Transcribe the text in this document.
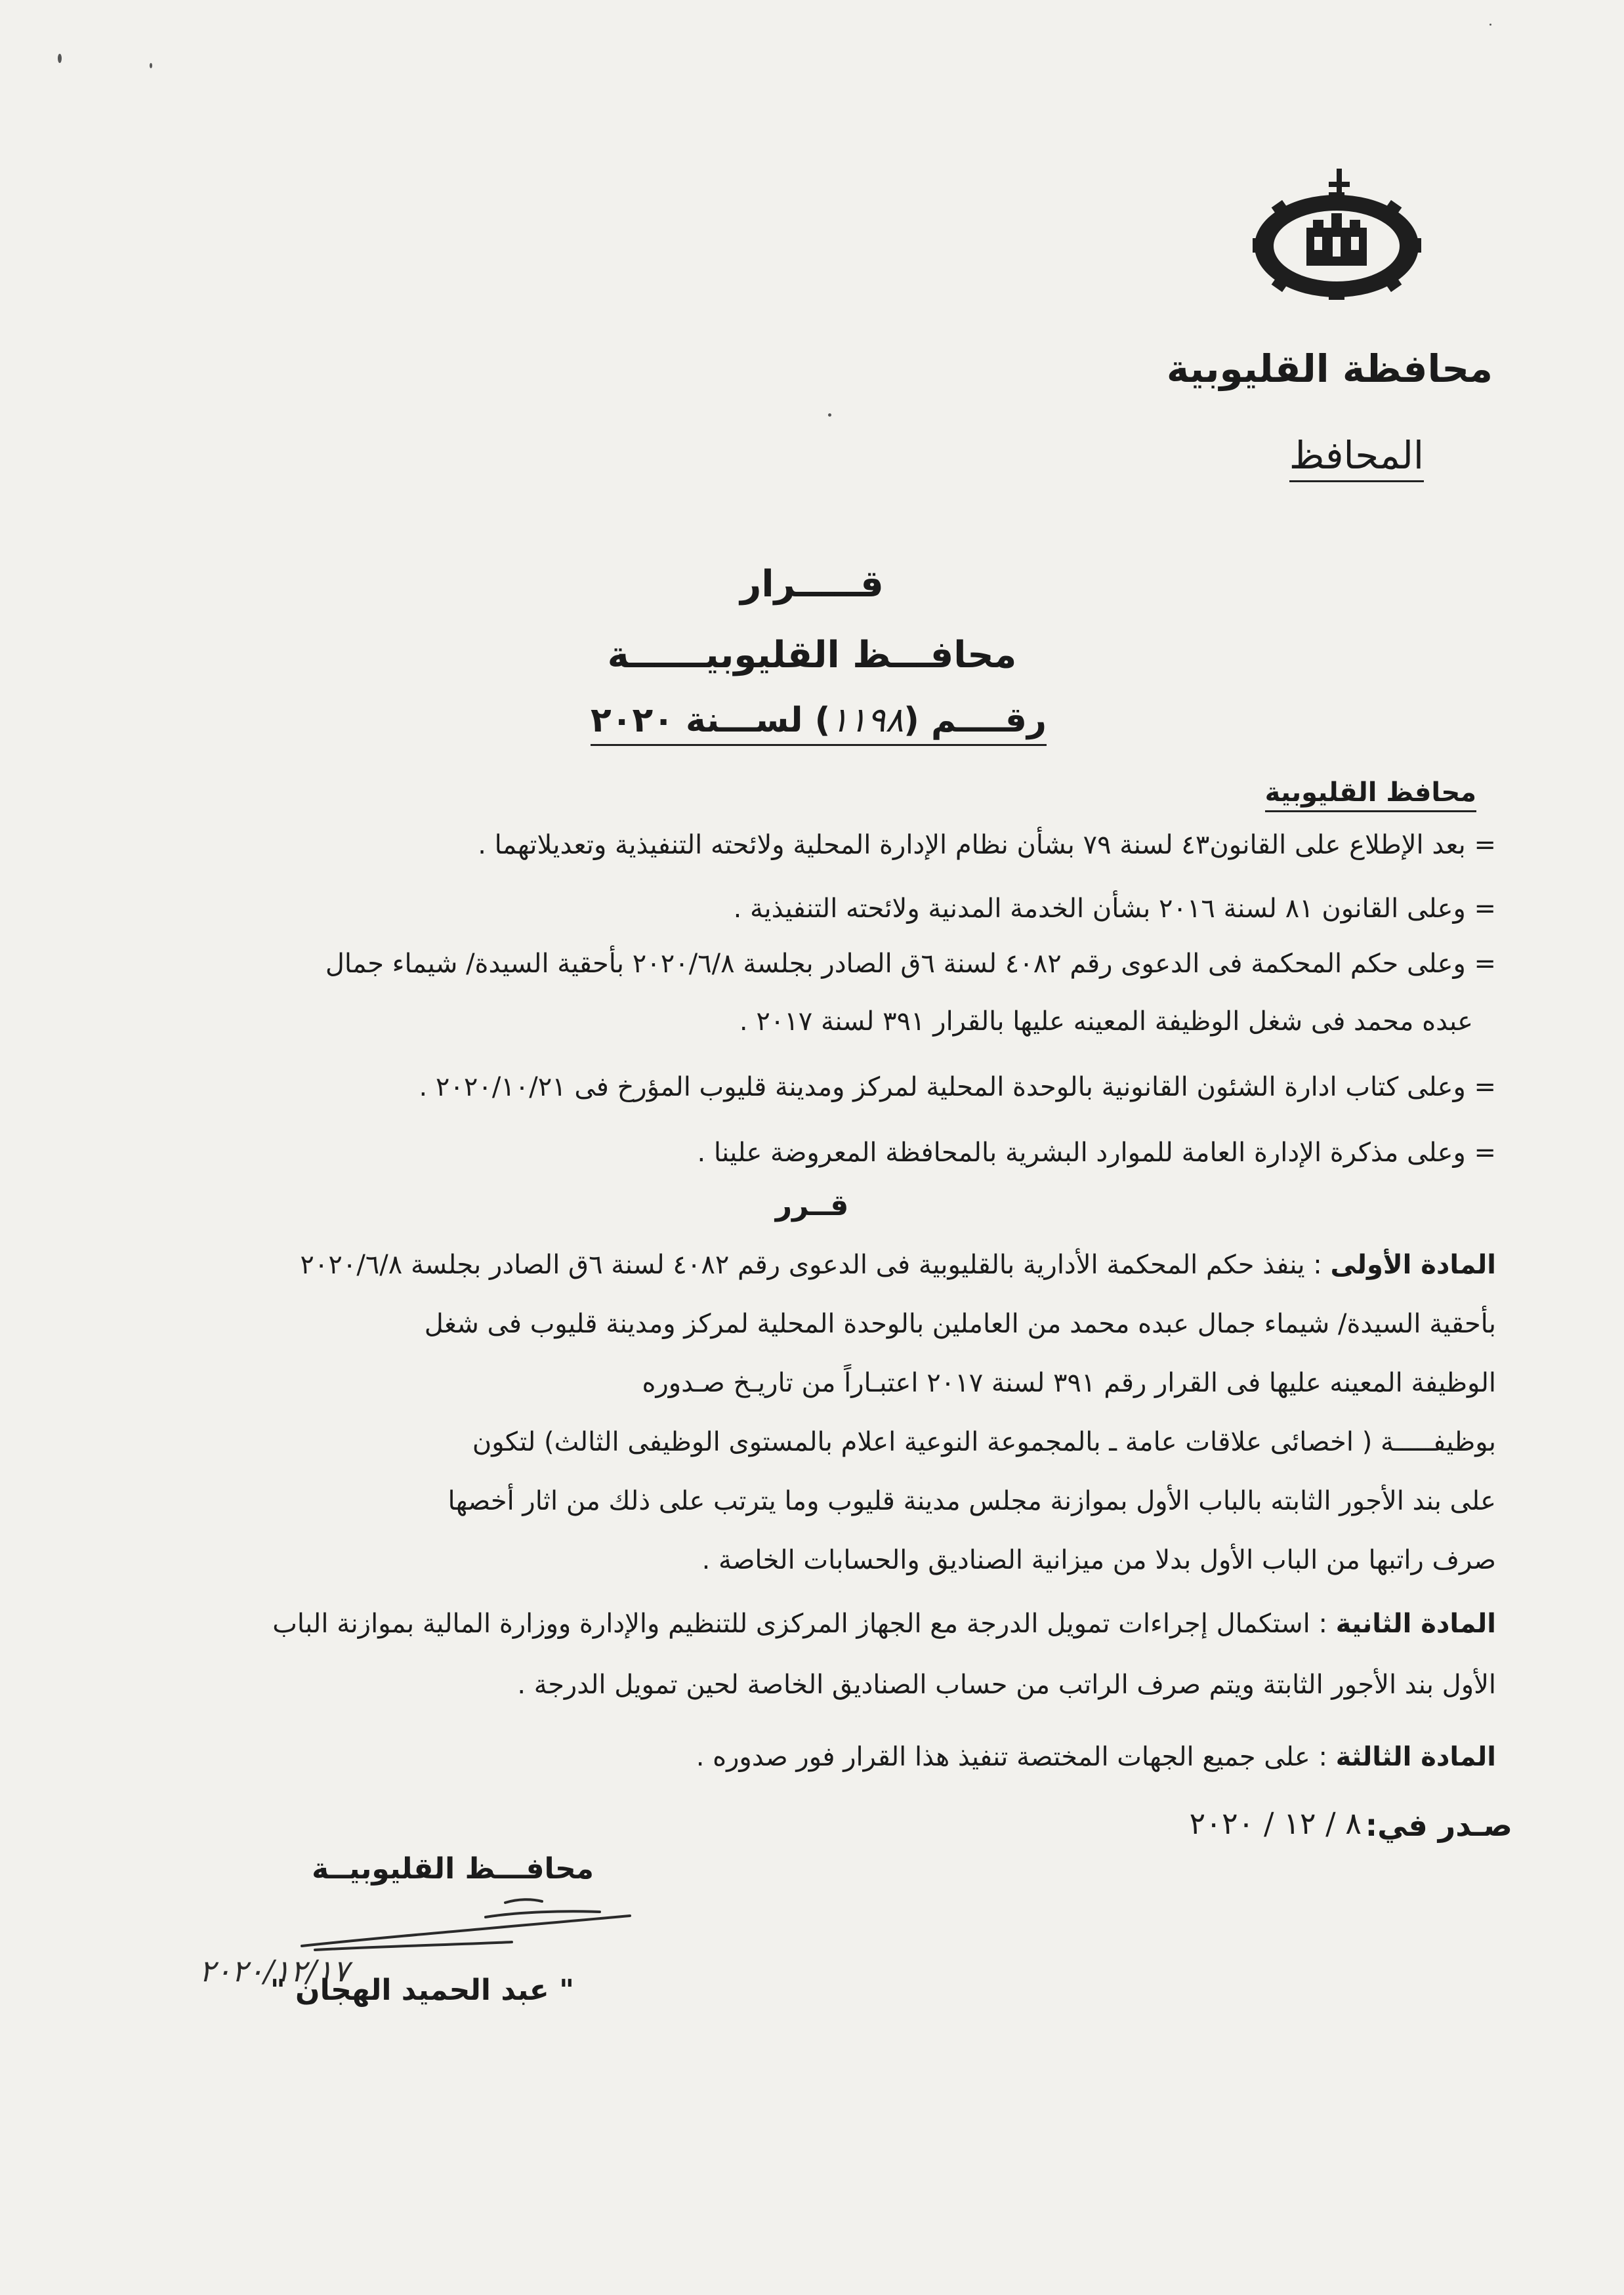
محافظة القليوبية
المحافظ
قـــــرار
محافـــظ القليوبيــــــة
رقــــم (١١٩٨) لســـنة ٢٠٢٠
محافظ القليوبية
= بعد الإطلاع على القانون٤٣ لسنة ٧٩ بشأن نظام الإدارة المحلية ولائحته التنفيذية وتعديلاتهما .
= وعلى القانون ٨١ لسنة ٢٠١٦ بشأن الخدمة المدنية ولائحته التنفيذية .
= وعلى حكم المحكمة فى الدعوى رقم ٤٠٨٢ لسنة ٦ق الصادر بجلسة ٢٠٢٠/٦/٨ بأحقية السيدة/ شيماء جمال
عبده محمد فى شغل الوظيفة المعينه عليها بالقرار ٣٩١ لسنة ٢٠١٧ .
= وعلى كتاب ادارة الشئون القانونية بالوحدة المحلية لمركز ومدينة قليوب المؤرخ فى ٢٠٢٠/١٠/٢١ .
= وعلى مذكرة الإدارة العامة للموارد البشرية بالمحافظة المعروضة علينا .
قــرر
المادة الأولى : ينفذ حكم المحكمة الأدارية بالقليوبية فى الدعوى رقم ٤٠٨٢ لسنة ٦ق الصادر بجلسة ٢٠٢٠/٦/٨
بأحقية السيدة/ شيماء جمال عبده محمد من العاملين بالوحدة المحلية لمركز ومدينة قليوب فى شغل
الوظيفة المعينه عليها فى القرار رقم ٣٩١ لسنة ٢٠١٧ اعتبـاراً من تاريـخ صـدوره
بوظيفـــــة ( اخصائى علاقات عامة ـ بالمجموعة النوعية اعلام بالمستوى الوظيفى الثالث) لتكون
على بند الأجور الثابته بالباب الأول بموازنة مجلس مدينة قليوب وما يترتب على ذلك من اثار أخصها
صرف راتبها من الباب الأول بدلا من ميزانية الصناديق والحسابات الخاصة .
المادة الثانية : استكمال إجراءات تمويل الدرجة مع الجهاز المركزى للتنظيم والإدارة ووزارة المالية بموازنة الباب
الأول بند الأجور الثابتة ويتم صرف الراتب من حساب الصناديق الخاصة لحين تمويل الدرجة .
المادة الثالثة : على جميع الجهات المختصة تنفيذ هذا القرار فور صدوره .
صـدر في:
٨ / ١٢ / ٢٠٢٠
محافـــظ القليوبيــة
٢٠٢٠/١٢/١٧
" عبد الحميد الهجان "
